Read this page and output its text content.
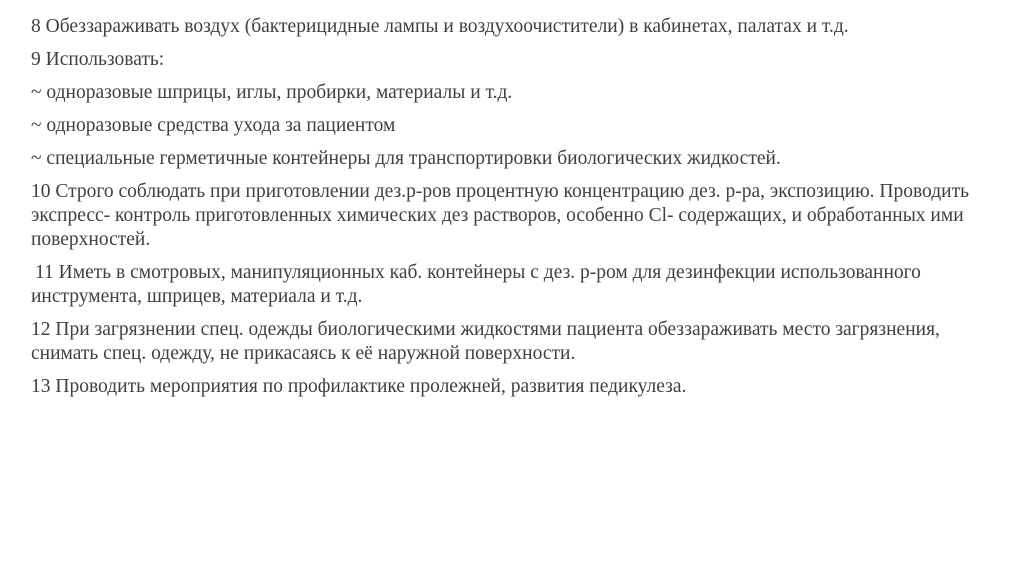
8 Обеззараживать воздух (бактерицидные лампы и воздухоочистители) в кабинетах, палатах и т.д.

9 Использовать:

~ одноразовые шприцы, иглы, пробирки, материалы и т.д.

~ одноразовые средства ухода за пациентом

~ специальные герметичные контейнеры для транспортировки биологических жидкостей.

10 Строго соблюдать при приготовлении дез.р-ров процентную концентрацию дез. р-ра, экспозицию. Проводить экспресс- контроль приготовленных химических дез растворов, особенно Cl- содержащих, и обработанных ими поверхностей.

11 Иметь в смотровых, манипуляционных каб. контейнеры с дез. р-ром для дезинфекции использованного инструмента, шприцев, материала и т.д.

12 При загрязнении спец. одежды биологическими жидкостями пациента обеззараживать место загрязнения, снимать спец. одежду, не прикасаясь к её наружной поверхности.

13 Проводить мероприятия по профилактике пролежней, развития педикулеза.
